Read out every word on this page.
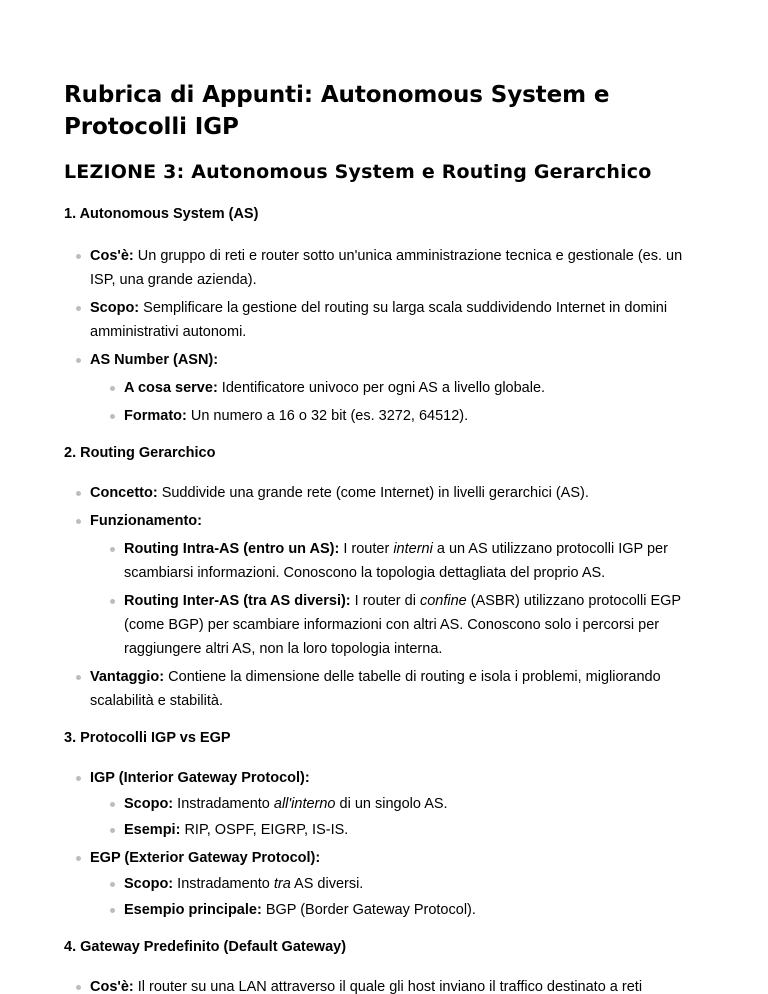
Rubrica di Appunti: Autonomous System e Protocolli IGP
LEZIONE 3: Autonomous System e Routing Gerarchico
1. Autonomous System (AS)
Cos'è: Un gruppo di reti e router sotto un'unica amministrazione tecnica e gestionale (es. un ISP, una grande azienda).
Scopo: Semplificare la gestione del routing su larga scala suddividendo Internet in domini amministrativi autonomi.
AS Number (ASN):
A cosa serve: Identificatore univoco per ogni AS a livello globale.
Formato: Un numero a 16 o 32 bit (es. 3272, 64512).
2. Routing Gerarchico
Concetto: Suddivide una grande rete (come Internet) in livelli gerarchici (AS).
Funzionamento:
Routing Intra-AS (entro un AS): I router interni a un AS utilizzano protocolli IGP per scambiarsi informazioni. Conoscono la topologia dettagliata del proprio AS.
Routing Inter-AS (tra AS diversi): I router di confine (ASBR) utilizzano protocolli EGP (come BGP) per scambiare informazioni con altri AS. Conoscono solo i percorsi per raggiungere altri AS, non la loro topologia interna.
Vantaggio: Contiene la dimensione delle tabelle di routing e isola i problemi, migliorando scalabilità e stabilità.
3. Protocolli IGP vs EGP
IGP (Interior Gateway Protocol):
Scopo: Instradamento all'interno di un singolo AS.
Esempi: RIP, OSPF, EIGRP, IS-IS.
EGP (Exterior Gateway Protocol):
Scopo: Instradamento tra AS diversi.
Esempio principale: BGP (Border Gateway Protocol).
4. Gateway Predefinito (Default Gateway)
Cos'è: Il router su una LAN attraverso il quale gli host inviano il traffico destinato a reti
